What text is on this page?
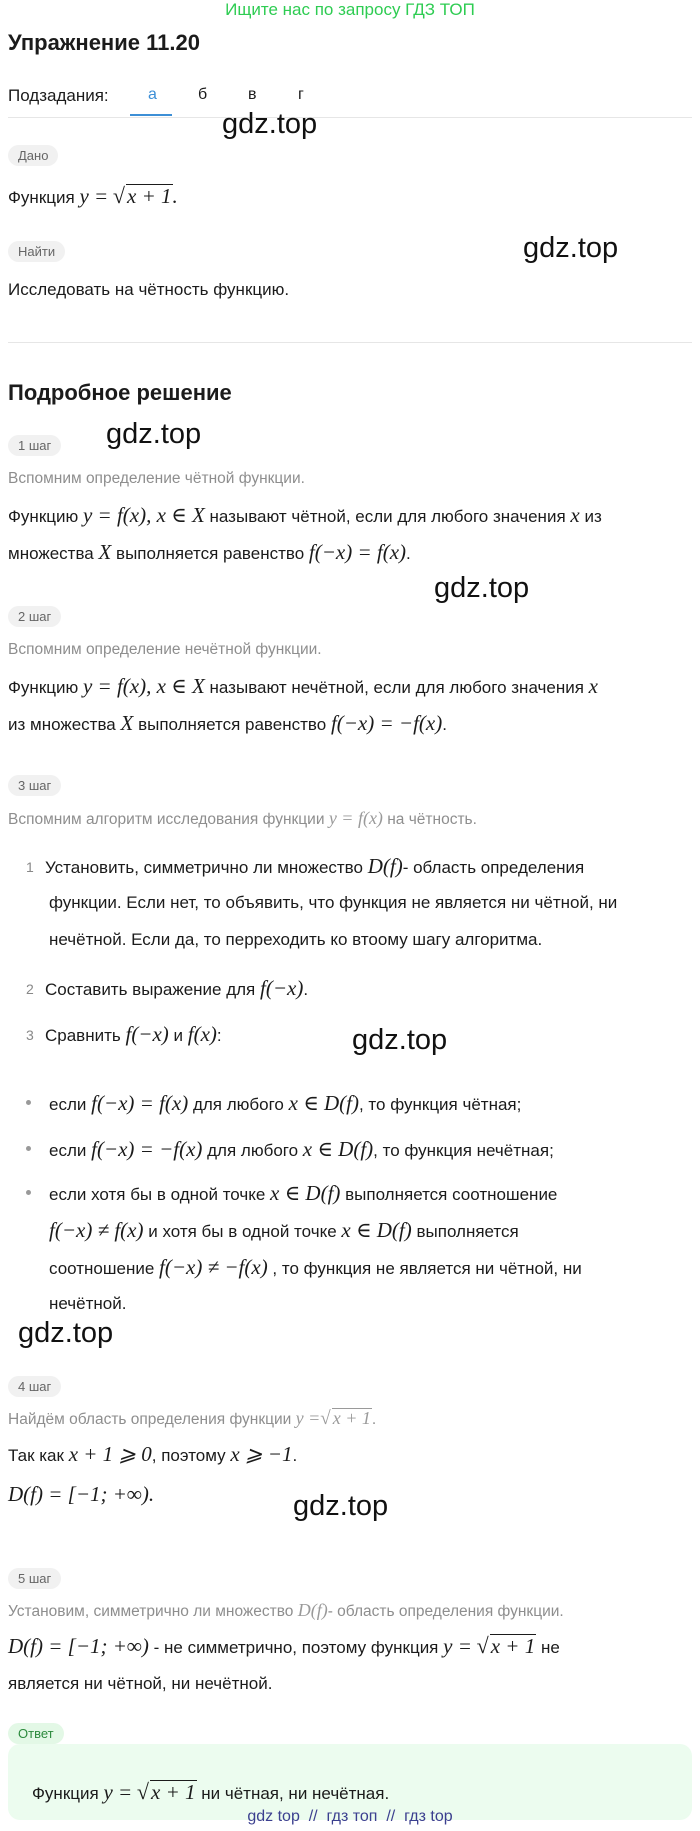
Ищите нас по запросу ГДЗ ТОП
Упражнение 11.20
Подзадания: а	б	в	г
gdz.top
gdz.top
gdz.top
gdz.top
gdz.top
gdz.top
gdz.top
Дано
Функция y = √x + 1.
Найти
Исследовать на чётность функцию.
Подробное решение
1 шаг
Вспомним определение чётной функции.
Функцию y = f(x), x ∈ X называют чётной, если для любого значения x из
множества X выполняется равенство f(−x) = f(x).
2 шаг
Вспомним определение нечётной функции.
Функцию y = f(x), x ∈ X называют нечётной, если для любого значения x
из множества X выполняется равенство f(−x) = −f(x).
3 шаг
Вспомним алгоритм исследования функции y = f(x) на чётность.
1 Установить, симметрично ли множество D(f)- область определения
функции. Если нет, то объявить, что функция не является ни чётной, ни
нечётной. Если да, то перреходить ко втоому шагу алгоритма.
2 Составить выражение для f(−x).
3 Сравнить f(−x) и f(x):
если f(−x) = f(x) для любого x ∈ D(f), то функция чётная;
если f(−x) = −f(x) для любого x ∈ D(f), то функция нечётная;
если хотя бы в одной точке x ∈ D(f) выполняется соотношение
f(−x) ≠ f(x) и хотя бы в одной точке x ∈ D(f) выполняется
соотношение f(−x) ≠ −f(x) , то функция не является ни чётной, ни
нечётной.
4 шаг
Найдём область определения функции y =√ x + 1.
Так как x + 1 ⩾ 0, поэтому x ⩾ −1.
D(f) = [−1; +∞).
5 шаг
Установим, симметрично ли множество D(f)- область определения функции.
D(f) = [−1; +∞) - не симметрично, поэтому функция y = √x + 1 не
является ни чётной, ни нечётной.
Ответ
Функция y = √x + 1 ни чётная, ни нечётная.
gdz top // гдз топ // гдз top
